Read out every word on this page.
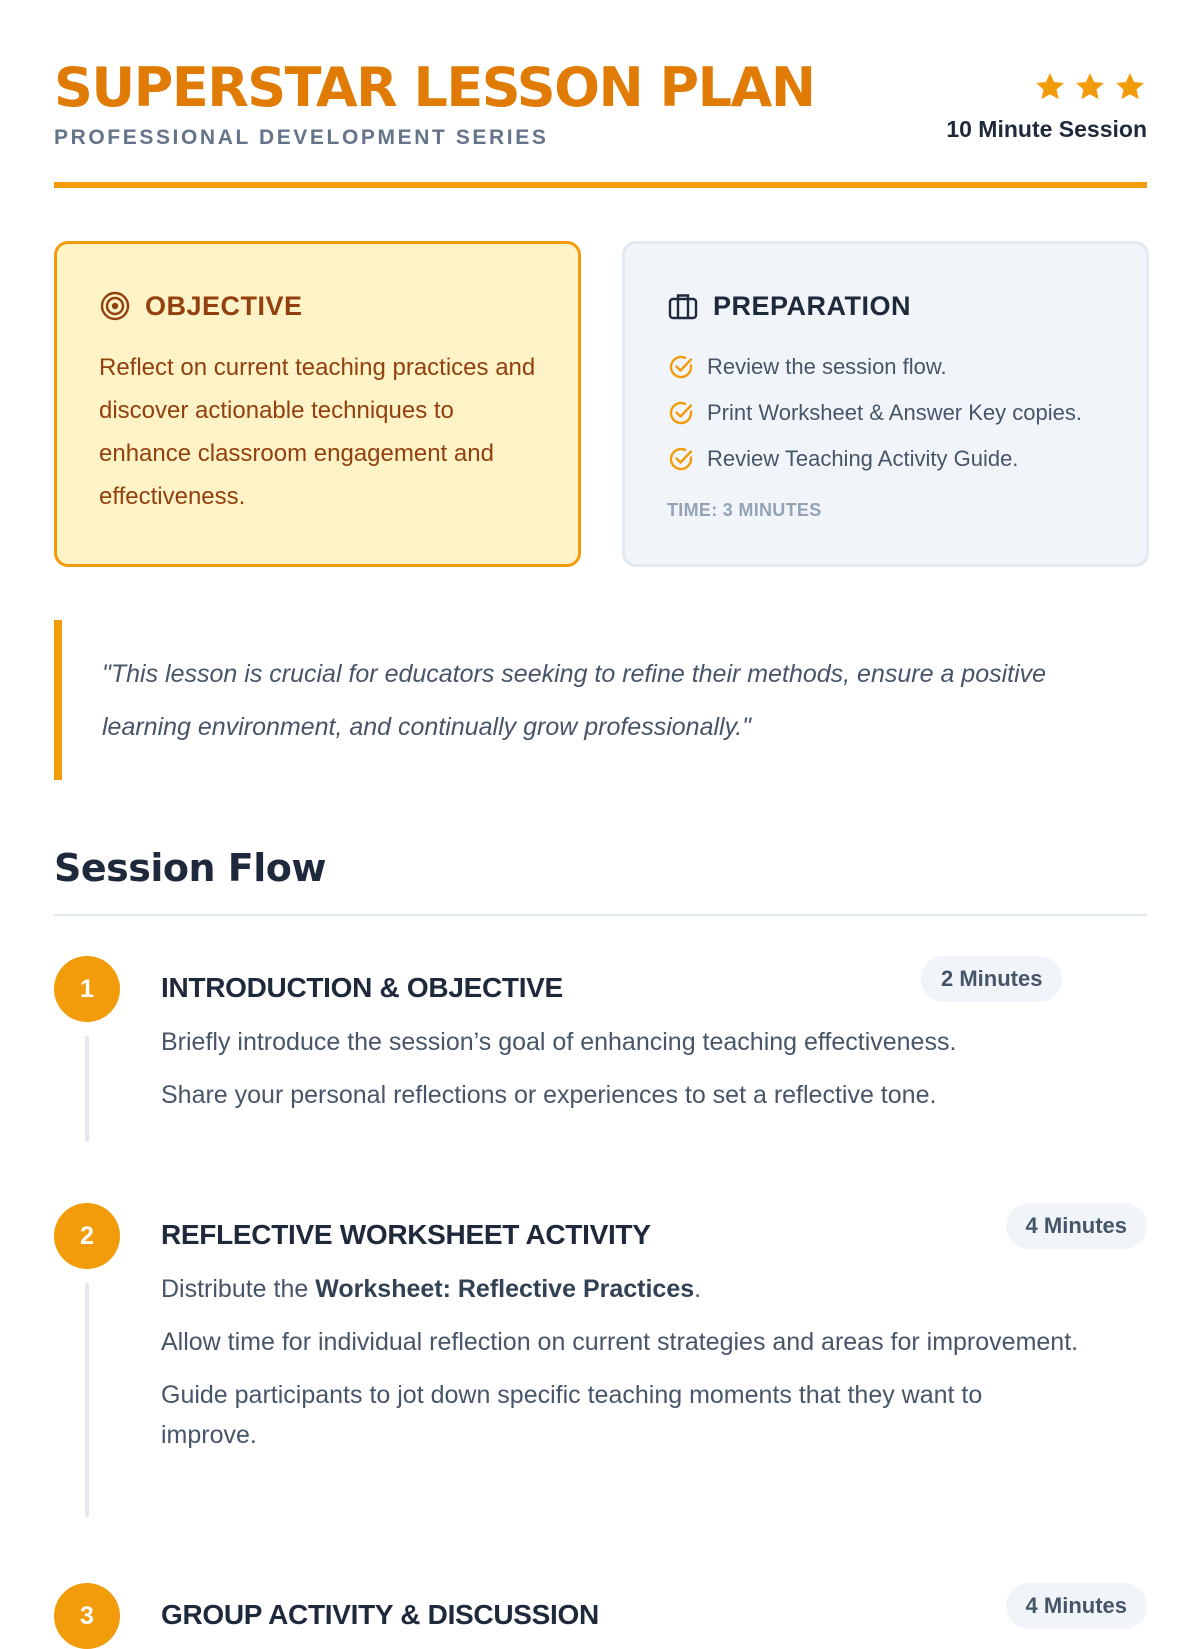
SUPERSTAR LESSON PLAN
PROFESSIONAL DEVELOPMENT SERIES	10 Minute Session
OBJECTIVE

Reflect on current teaching practices and discover actionable techniques to enhance classroom engagement and effectiveness.

PREPARATION
Review the session flow.
Print Worksheet & Answer Key copies.
Review Teaching Activity Guide.
TIME: 3 MINUTES

"This lesson is crucial for educators seeking to refine their methods, ensure a positive learning environment, and continually grow professionally."

Session Flow
1	INTRODUCTION & OBJECTIVE	2 Minutes
Briefly introduce the session’s goal of enhancing teaching effectiveness.
Share your personal reflections or experiences to set a reflective tone.
2	REFLECTIVE WORKSHEET ACTIVITY	4 Minutes
Distribute the Worksheet: Reflective Practices.
Allow time for individual reflection on current strategies and areas for improvement.
Guide participants to jot down specific teaching moments that they want to improve.
3	GROUP ACTIVITY & DISCUSSION	4 Minutes
